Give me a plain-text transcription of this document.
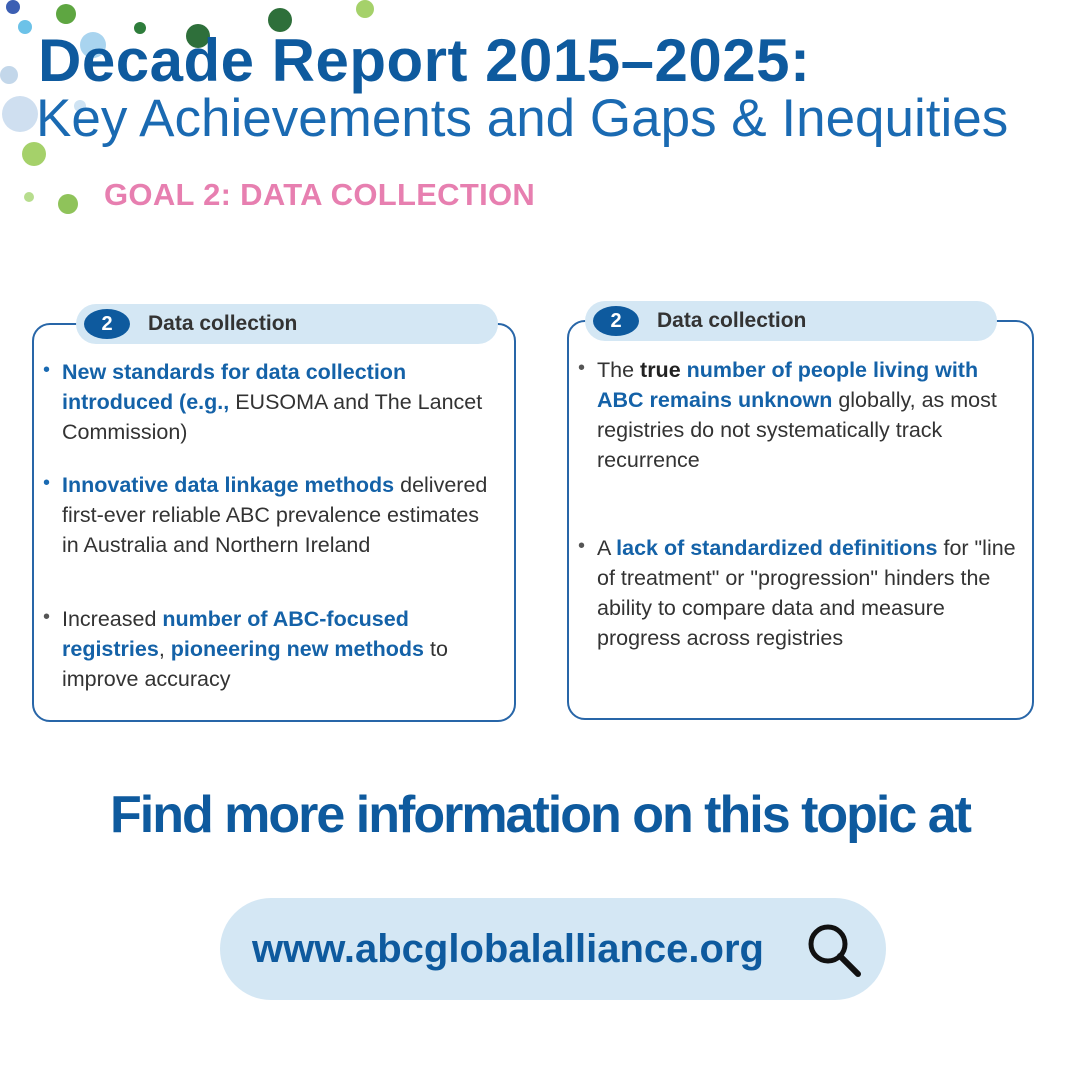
Decade Report 2015–2025:
Key Achievements and Gaps & Inequities
GOAL 2: DATA COLLECTION
2	Data collection
• New standards for data collection introduced (e.g., EUSOMA and The Lancet Commission)
• Innovative data linkage methods delivered first-ever reliable ABC prevalence estimates in Australia and Northern Ireland
• Increased number of ABC-focused registries, pioneering new methods to improve accuracy
2	Data collection
• The true number of people living with ABC remains unknown globally, as most registries do not systematically track recurrence
• A lack of standardized definitions for "line of treatment" or "progression" hinders the ability to compare data and measure progress across registries
Find more information on this topic at
www.abcglobalalliance.org
